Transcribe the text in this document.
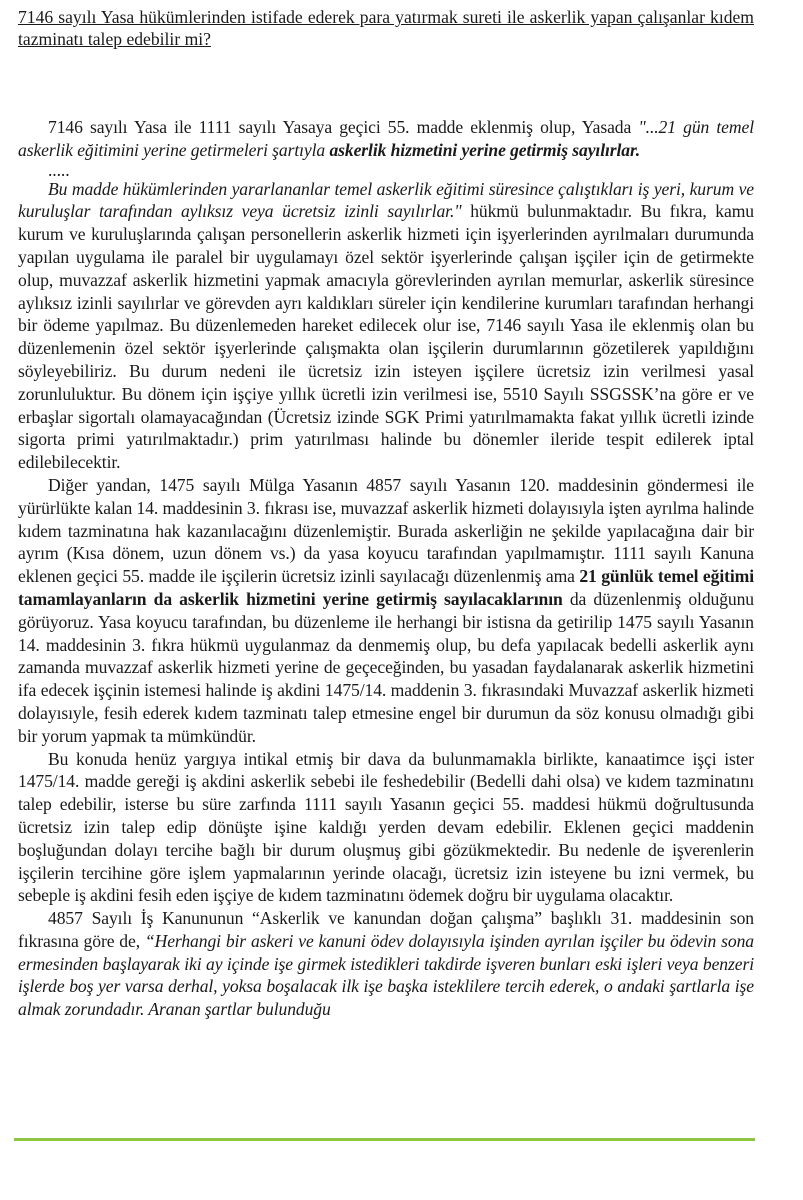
7146 sayılı Yasa hükümlerinden istifade ederek para yatırmak sureti ile askerlik yapan çalışanlar kıdem tazminatı talep edebilir mi?

7146 sayılı Yasa ile 1111 sayılı Yasaya geçici 55. madde eklenmiş olup, Yasada "...21 gün temel askerlik eğitimini yerine getirmeleri şartıyla askerlik hizmetini yerine getirmiş sayılırlar.

.....

Bu madde hükümlerinden yararlananlar temel askerlik eğitimi süresince çalıştıkları iş yeri, kurum ve kuruluşlar tarafından aylıksız veya ücretsiz izinli sayılırlar." hükmü bulunmaktadır. Bu fıkra, kamu kurum ve kuruluşlarında çalışan personellerin askerlik hizmeti için işyerlerinden ayrılmaları durumunda yapılan uygulama ile paralel bir uygulamayı özel sektör işyerlerinde çalışan işçiler için de getirmekte olup, muvazzaf askerlik hizmetini yapmak amacıyla görevlerinden ayrılan memurlar, askerlik süresince aylıksız izinli sayılırlar ve görevden ayrı kaldıkları süreler için kendilerine kurumları tarafından herhangi bir ödeme yapılmaz. Bu düzenlemeden hareket edilecek olur ise, 7146 sayılı Yasa ile eklenmiş olan bu düzenlemenin özel sektör işyerlerinde çalışmakta olan işçilerin durumlarının gözetilerek yapıldığını söyleyebiliriz. Bu durum nedeni ile ücretsiz izin isteyen işçilere ücretsiz izin verilmesi yasal zorunluluktur. Bu dönem için işçiye yıllık ücretli izin verilmesi ise, 5510 Sayılı SSGSSK’na göre er ve erbaşlar sigortalı olamayacağından (Ücretsiz izinde SGK Primi yatırılmamakta fakat yıllık ücretli izinde sigorta primi yatırılmaktadır.) prim yatırılması halinde bu dönemler ileride tespit edilerek iptal edilebilecektir.

Diğer yandan, 1475 sayılı Mülga Yasanın 4857 sayılı Yasanın 120. maddesinin göndermesi ile yürürlükte kalan 14. maddesinin 3. fıkrası ise, muvazzaf askerlik hizmeti dolayısıyla işten ayrılma halinde kıdem tazminatına hak kazanılacağını düzenlemiştir. Burada askerliğin ne şekilde yapılacağına dair bir ayrım (Kısa dönem, uzun dönem vs.) da yasa koyucu tarafından yapılmamıştır. 1111 sayılı Kanuna eklenen geçici 55. madde ile işçilerin ücretsiz izinli sayılacağı düzenlenmiş ama 21 günlük temel eğitimi tamamlayanların da askerlik hizmetini yerine getirmiş sayılacaklarının da düzenlenmiş olduğunu görüyoruz. Yasa koyucu tarafından, bu düzenleme ile herhangi bir istisna da getirilip 1475 sayılı Yasanın 14. maddesinin 3. fıkra hükmü uygulanmaz da denmemiş olup, bu defa yapılacak bedelli askerlik aynı zamanda muvazzaf askerlik hizmeti yerine de geçeceğinden, bu yasadan faydalanarak askerlik hizmetini ifa edecek işçinin istemesi halinde iş akdini 1475/14. maddenin 3. fıkrasındaki Muvazzaf askerlik hizmeti dolayısıyle, fesih ederek kıdem tazminatı talep etmesine engel bir durumun da söz konusu olmadığı gibi bir yorum yapmak ta mümkündür.

Bu konuda henüz yargıya intikal etmiş bir dava da bulunmamakla birlikte, kanaatimce işçi ister 1475/14. madde gereği iş akdini askerlik sebebi ile feshedebilir (Bedelli dahi olsa) ve kıdem tazminatını talep edebilir, isterse bu süre zarfında 1111 sayılı Yasanın geçici 55. maddesi hükmü doğrultusunda ücretsiz izin talep edip dönüşte işine kaldığı yerden devam edebilir. Eklenen geçici maddenin boşluğundan dolayı tercihe bağlı bir durum oluşmuş gibi gözükmektedir. Bu nedenle de işverenlerin işçilerin tercihine göre işlem yapmalarının yerinde olacağı, ücretsiz izin isteyene bu izni vermek, bu sebeple iş akdini fesih eden işçiye de kıdem tazminatını ödemek doğru bir uygulama olacaktır.

4857 Sayılı İş Kanununun “Askerlik ve kanundan doğan çalışma” başlıklı 31. maddesinin son fıkrasına göre de, “Herhangi bir askeri ve kanuni ödev dolayısıyla işinden ayrılan işçiler bu ödevin sona ermesinden başlayarak iki ay içinde işe girmek istedikleri takdirde işveren bunları eski işleri veya benzeri işlerde boş yer varsa derhal, yoksa boşalacak ilk işe başka isteklilere tercih ederek, o andaki şartlarla işe almak zorundadır. Aranan şartlar bulunduğu
